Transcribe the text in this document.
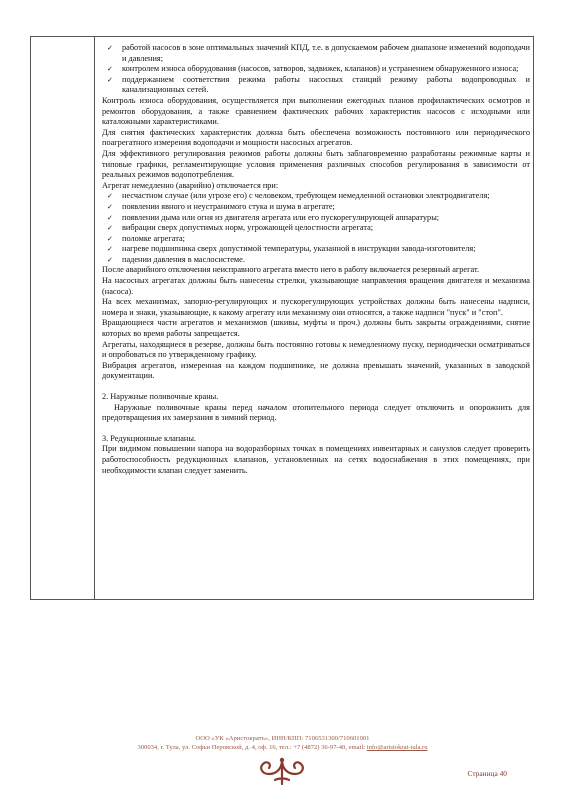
✓ работой насосов в зоне оптимальных значений КПД, т.е. в допускаемом рабочем диапазоне изменений водоподачи и давления;
✓ контролем износа оборудования (насосов, затворов, задвижек, клапанов) и устранением обнаруженного износа;
✓ поддержанием соответствия режима работы насосных станций режиму работы водопроводных и канализационных сетей.

Контроль износа оборудования, осуществляется при выполнении ежегодных планов профилактических осмотров и ремонтов оборудования, а также сравнением фактических рабочих характеристик насосов с исходными или каталожными характеристиками.

Для снятия фактических характеристик должна быть обеспечена возможность постоянного или периодического поагрегатного измерения водоподачи и мощности насосных агрегатов.

Для эффективного регулирования режимов работы должны быть заблаговременно разработаны режимные карты и типовые графики, регламентирующие условия применения различных способов регулирования в зависимости от реальных режимов водопотребления.

Агрегат немедленно (аварийно) отключается при:

✓ несчастном случае (или угрозе его) с человеком, требующем немедленной остановки электродвигателя;
✓ появлении явного и неустранимого стука и шума в агрегате;
✓ появлении дыма или огня из двигателя агрегата или его пускорегулирующей аппаратуры;
✓ вибрации сверх допустимых норм, угрожающей целостности агрегата;
✓ поломке агрегата;
✓ нагреве подшипника сверх допустимой температуры, указанной в инструкции завода-изготовителя;
✓ падении давления в маслосистеме.

После аварийного отключения неисправного агрегата вместо него в работу включается резервный агрегат.

На насосных агрегатах должны быть нанесены стрелки, указывающие направления вращения двигателя и механизма (насоса).

На всех механизмах, запорно-регулирующих и пускорегулирующих устройствах должны быть нанесены надписи, номера и знаки, указывающие, к какому агрегату или механизму они относятся, а также надписи "пуск" и "стоп".

Вращающиеся части агрегатов и механизмов (шкивы, муфты и проч.) должны быть закрыты ограждениями, снятие которых во время работы запрещается.

Агрегаты, находящиеся в резерве, должны быть постоянно готовы к немедленному пуску, периодически осматриваться и опробоваться по утвержденному графику.

Вибрация агрегатов, измеренная на каждом подшипнике, не должна превышать значений, указанных в заводской документации.

2. Наружные поливочные краны.

Наружные поливочные краны перед началом отопительного периода следует отключить и опорожнить для предотвращения их замерзания в зимний период.

3. Редукционные клапаны.

При видимом повышении напора на водоразборных точках в помещениях инвентарных и санузлов следует проверить работоспособность редукционных клапанов, установленных на сетях водоснабжения в этих помещениях, при необходимости клапан следует заменить.

ООО «УК «Аристократъ», ИНН/КПП: 7106531300/710601001
300034, г. Тула, ул. Софьи Перовской, д. 4, оф. 16, тел.: +7 (4872) 36-97-40, email: info@aristokrat-tula.ru
Страница 40
